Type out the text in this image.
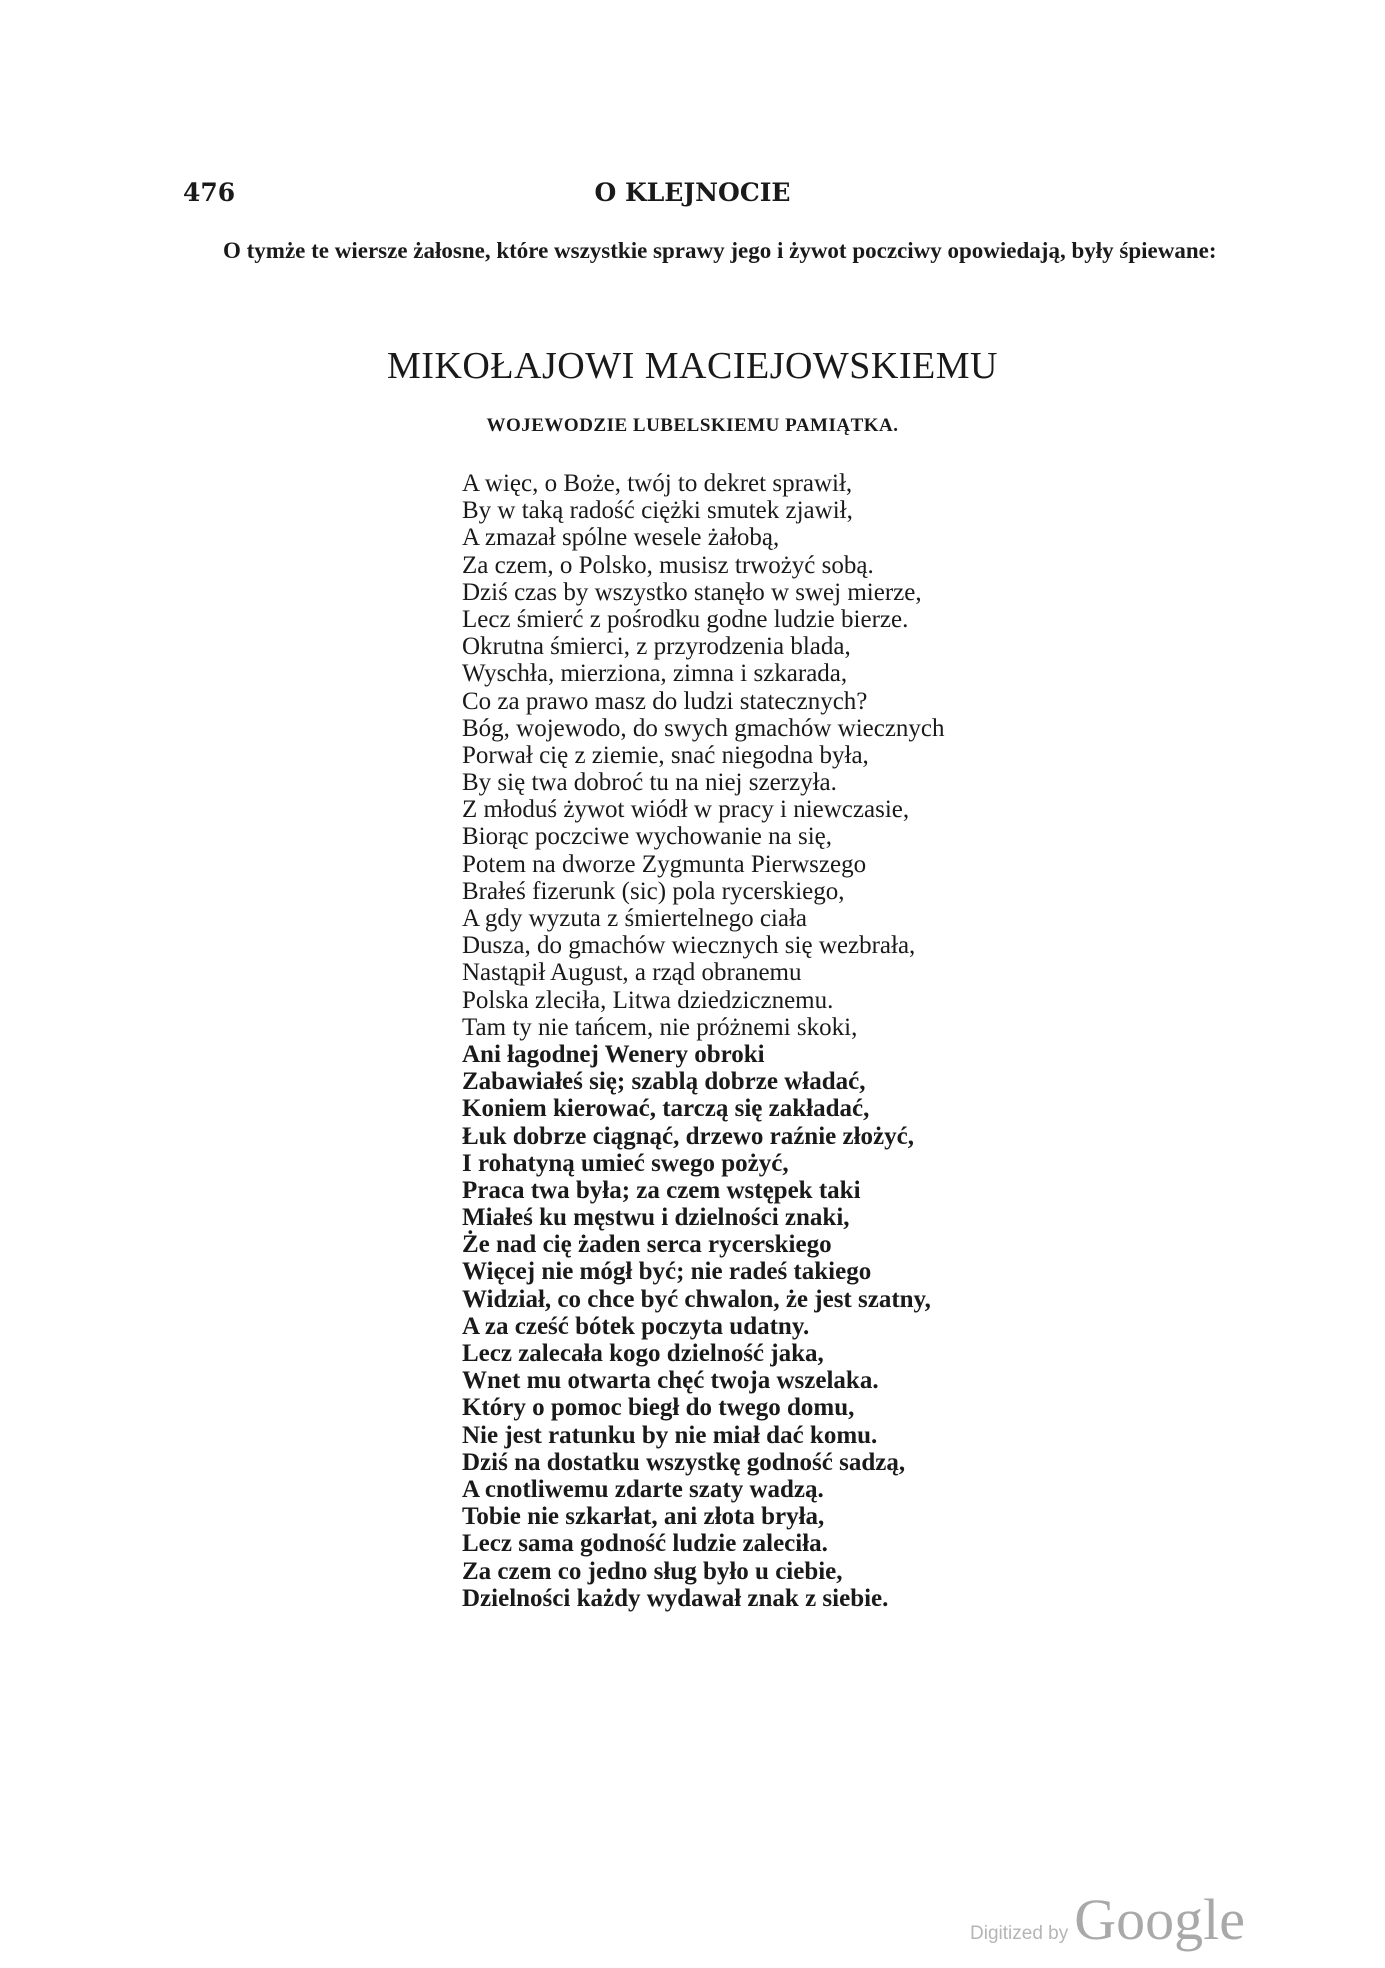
476	O KLEJNOCIE
O tymże te wiersze żałosne, które wszystkie sprawy jego i żywot poczciwy opowiedają, były śpiewane:
MIKOŁAJOWI MACIEJOWSKIEMU
WOJEWODZIE LUBELSKIEMU PAMIĄTKA.
A więc, o Boże, twój to dekret sprawił,
By w taką radość ciężki smutek zjawił,
A zmazał spólne wesele żałobą,
Za czem, o Polsko, musisz trwożyć sobą.
Dziś czas by wszystko stanęło w swej mierze,
Lecz śmierć z pośrodku godne ludzie bierze.
Okrutna śmierci, z przyrodzenia blada,
Wyschła, mierziona, zimna i szkarada,
Co za prawo masz do ludzi statecznych?
Bóg, wojewodo, do swych gmachów wiecznych
Porwał cię z ziemie, snać niegodna była,
By się twa dobroć tu na niej szerzyła.
Z młoduś żywot wiódł w pracy i niewczasie,
Biorąc poczciwe wychowanie na się,
Potem na dworze Zygmunta Pierwszego
Brałeś fizerunk (sic) pola rycerskiego,
A gdy wyzuta z śmiertelnego ciała
Dusza, do gmachów wiecznych się wezbrała,
Nastąpił August, a rząd obranemu
Polska zleciła, Litwa dziedzicznemu.
Tam ty nie tańcem, nie próżnemi skoki,
Ani łagodnej Wenery obroki
Zabawiałeś się; szablą dobrze władać,
Koniem kierować, tarczą się zakładać,
Łuk dobrze ciągnąć, drzewo raźnie złożyć,
I rohatyną umieć swego pożyć,
Praca twa była; za czem wstępek taki
Miałeś ku męstwu i dzielności znaki,
Że nad cię żaden serca rycerskiego
Więcej nie mógł być; nie radeś takiego
Widział, co chce być chwalon, że jest szatny,
A za cześć bótek poczyta udatny.
Lecz zalecała kogo dzielność jaka,
Wnet mu otwarta chęć twoja wszelaka.
Który o pomoc biegł do twego domu,
Nie jest ratunku by nie miał dać komu.
Dziś na dostatku wszystkę godność sadzą,
A cnotliwemu zdarte szaty wadzą.
Tobie nie szkarłat, ani złota bryła,
Lecz sama godność ludzie zaleciła.
Za czem co jedno sług było u ciebie,
Dzielności każdy wydawał znak z siebie.
Digitized by Google
